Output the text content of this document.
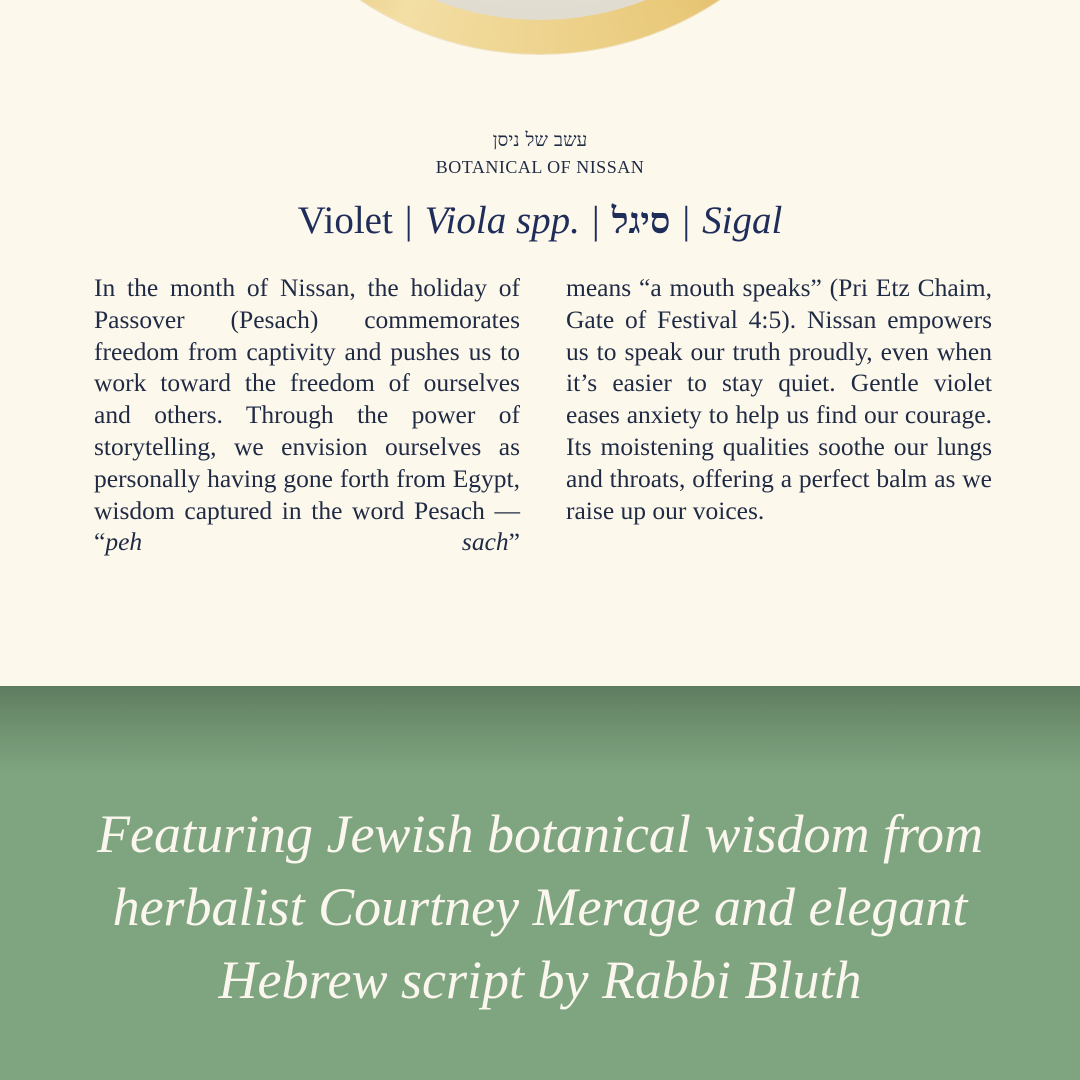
עשב של ניסן
BOTANICAL OF NISSAN
Violet | Viola spp. | סיגל | Sigal
In the month of Nissan, the holiday of Passover (Pesach) commemorates freedom from captivity and pushes us to work toward the freedom of ourselves and others. Through the power of storytelling, we envision ourselves as personally having gone forth from Egypt, wisdom captured in the word Pesach — “peh sach”
means “a mouth speaks” (Pri Etz Chaim, Gate of Festival 4:5). Nissan empowers us to speak our truth proudly, even when it’s easier to stay quiet. Gentle violet eases anxiety to help us find our courage. Its moistening qualities soothe our lungs and throats, offering a perfect balm as we raise up our voices.
Featuring Jewish botanical wisdom from herbalist Courtney Merage and elegant Hebrew script by Rabbi Bluth
